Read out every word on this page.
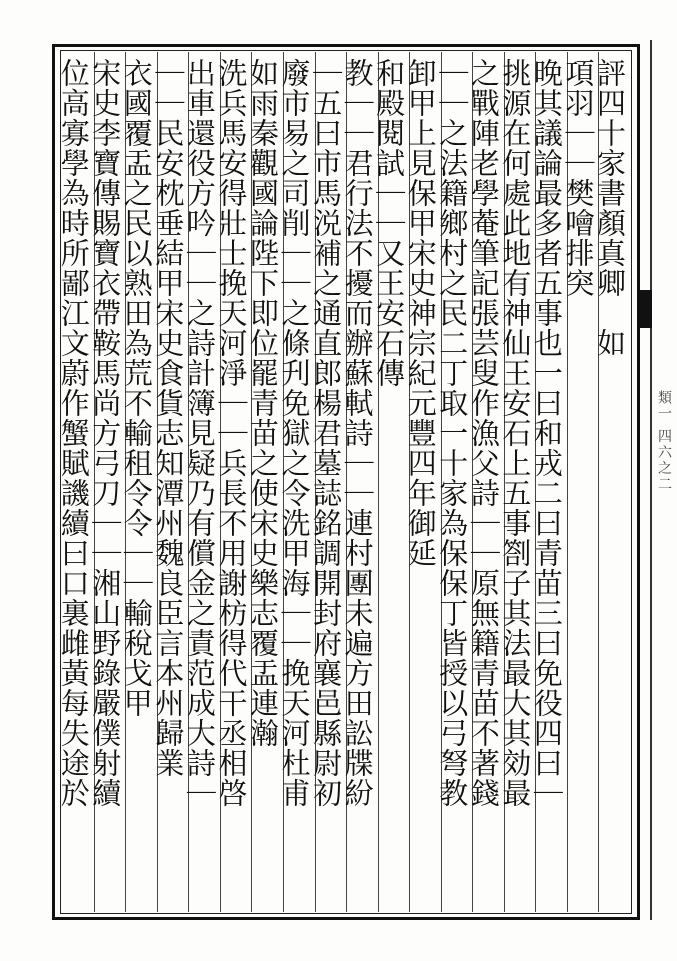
類一 四六之二
評四十家書顏真卿　如
項羽｜｜樊噲排突
晚其議論最多者五事也一曰和戎二曰青苗三曰免役四曰｜
挑源在何處此地有神仙王安石上五事劄子其法最大其効最
之戰陣老學菴筆記張芸叟作漁父詩｜｜原無籍青苗不著錢
｜｜之法籍鄉村之民二丁取一十家為保保丁皆授以弓弩教
卸甲上見保甲宋史神宗紀元豐四年御延
和殿閱試｜｜又王安石傳
教｜｜君行法不擾而辦蘇軾詩｜｜連村團未遍方田訟牒紛
｜五曰市馬涚補之通直郎楊君墓誌銘調開封府襄邑縣尉初
廢市易之司削｜｜之條刋免獄之令洗甲海｜｜挽天河杜甫
如雨秦觀國論陛下即位罷青苗之使宋史樂志覆盂連瀚
洗兵馬安得壯士挽天河淨｜｜兵長不用謝枋得代干丞相啓
出車還役方吟｜｜之詩計簿見疑乃有償金之責范成大詩｜
｜｜民安枕垂結甲宋史食貨志知潭州魏良臣言本州歸業
衣國覆盂之民以熟田為荒不輸租令令｜｜輸稅戈甲
宋史李寶傳賜寶衣帶鞍馬尚方弓刀｜｜湘山野錄嚴僕射續
位高寡學為時所鄙江文蔚作蟹賦譏續曰口裏雌黃每失途於
